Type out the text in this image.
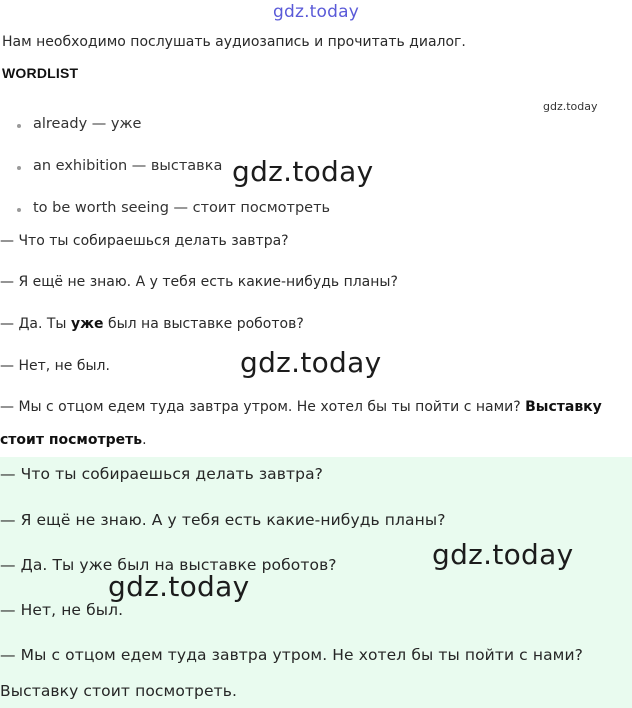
gdz.today
Нам необходимо послушать аудиозапись и прочитать диалог.
WORDLIST
gdz.today
already — уже
an exhibition — выставка
to be worth seeing — стоит посмотреть
— Что ты собираешься делать завтра?
— Я ещё не знаю. А у тебя есть какие-нибудь планы?
— Да. Ты уже был на выставке роботов?
— Нет, не был.
— Мы с отцом едем туда завтра утром. Не хотел бы ты пойти с нами? Выставку
стоит посмотреть.
— Что ты собираешься делать завтра?
— Я ещё не знаю. А у тебя есть какие-нибудь планы?
— Да. Ты уже был на выставке роботов?
— Нет, не был.
— Мы с отцом едем туда завтра утром. Не хотел бы ты пойти с нами?
Выставку стоит посмотреть.
gdz.today
gdz.today
gdz.today
gdz.today
